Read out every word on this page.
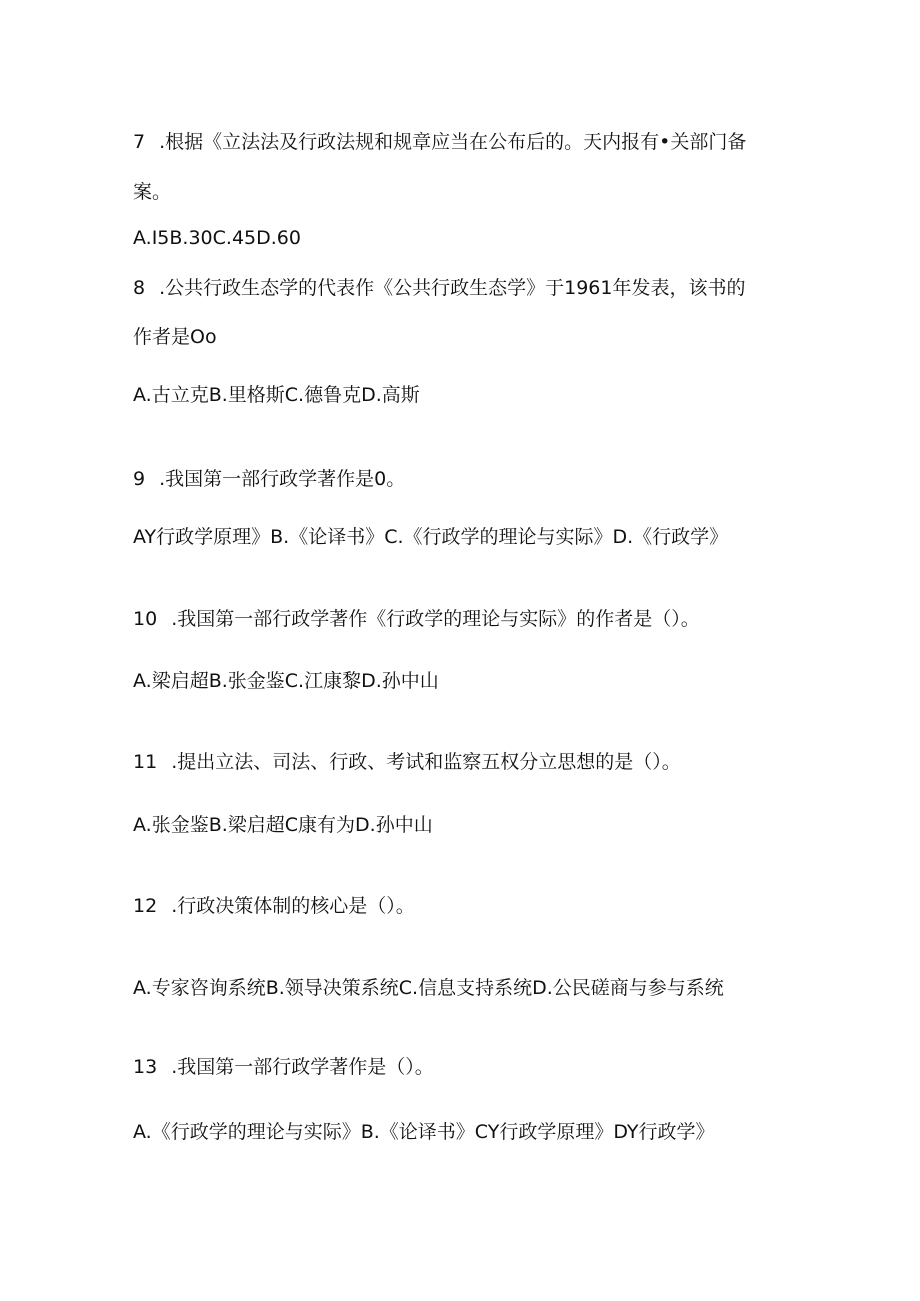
7 .根据《立法法及行政法规和规章应当在公布后的。天内报有•关部门备
案。
A.I5B.30C.45D.60
8 .公共行政生态学的代表作《公共行政生态学》于1961年发表，该书的
作者是Oo
A.古立克B.里格斯C.德鲁克D.高斯
9 .我国第一部行政学著作是0。
AY行政学原理》B.《论译书》C.《行政学的理论与实际》D.《行政学》
10 .我国第一部行政学著作《行政学的理论与实际》的作者是（）。
A.梁启超B.张金鉴C.江康黎D.孙中山
11 .提出立法、司法、行政、考试和监察五权分立思想的是（）。
A.张金鉴B.梁启超C康有为D.孙中山
12 .行政决策体制的核心是（）。
A.专家咨询系统B.领导决策系统C.信息支持系统D.公民磋商与参与系统
13 .我国第一部行政学著作是（）。
A.《行政学的理论与实际》B.《论译书》CY行政学原理》DY行政学》
